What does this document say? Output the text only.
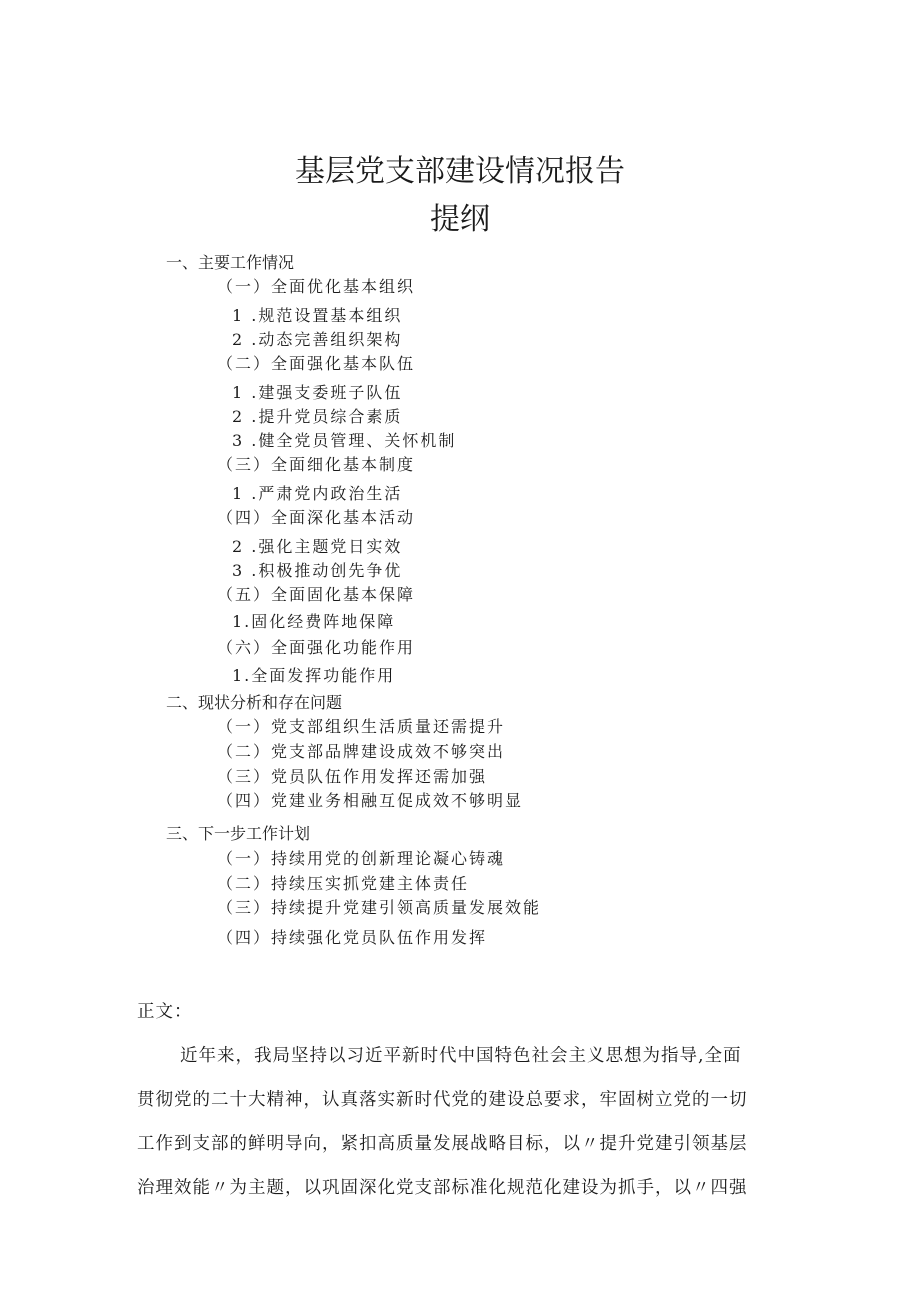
基层党支部建设情况报告
提纲
一、主要工作情况
（一）全面优化基本组织
1 .规范设置基本组织
2 .动态完善组织架构
（二）全面强化基本队伍
1 .建强支委班子队伍
2 .提升党员综合素质
3 .健全党员管理、关怀机制
（三）全面细化基本制度
1 .严肃党内政治生活
（四）全面深化基本活动
2 .强化主题党日实效
3 .积极推动创先争优
（五）全面固化基本保障
1.固化经费阵地保障
（六）全面强化功能作用
1.全面发挥功能作用
二、现状分析和存在问题
（一）党支部组织生活质量还需提升
（二）党支部品牌建设成效不够突出
（三）党员队伍作用发挥还需加强
（四）党建业务相融互促成效不够明显
三、下一步工作计划
（一）持续用党的创新理论凝心铸魂
（二）持续压实抓党建主体责任
（三）持续提升党建引领高质量发展效能
（四）持续强化党员队伍作用发挥
正文：
近年来，我局坚持以习近平新时代中国特色社会主义思想为指导,全面
贯彻党的二十大精神，认真落实新时代党的建设总要求，牢固树立党的一切
工作到支部的鲜明导向，紧扣高质量发展战略目标，以〃提升党建引领基层
治理效能〃为主题，以巩固深化党支部标准化规范化建设为抓手，以〃四强
